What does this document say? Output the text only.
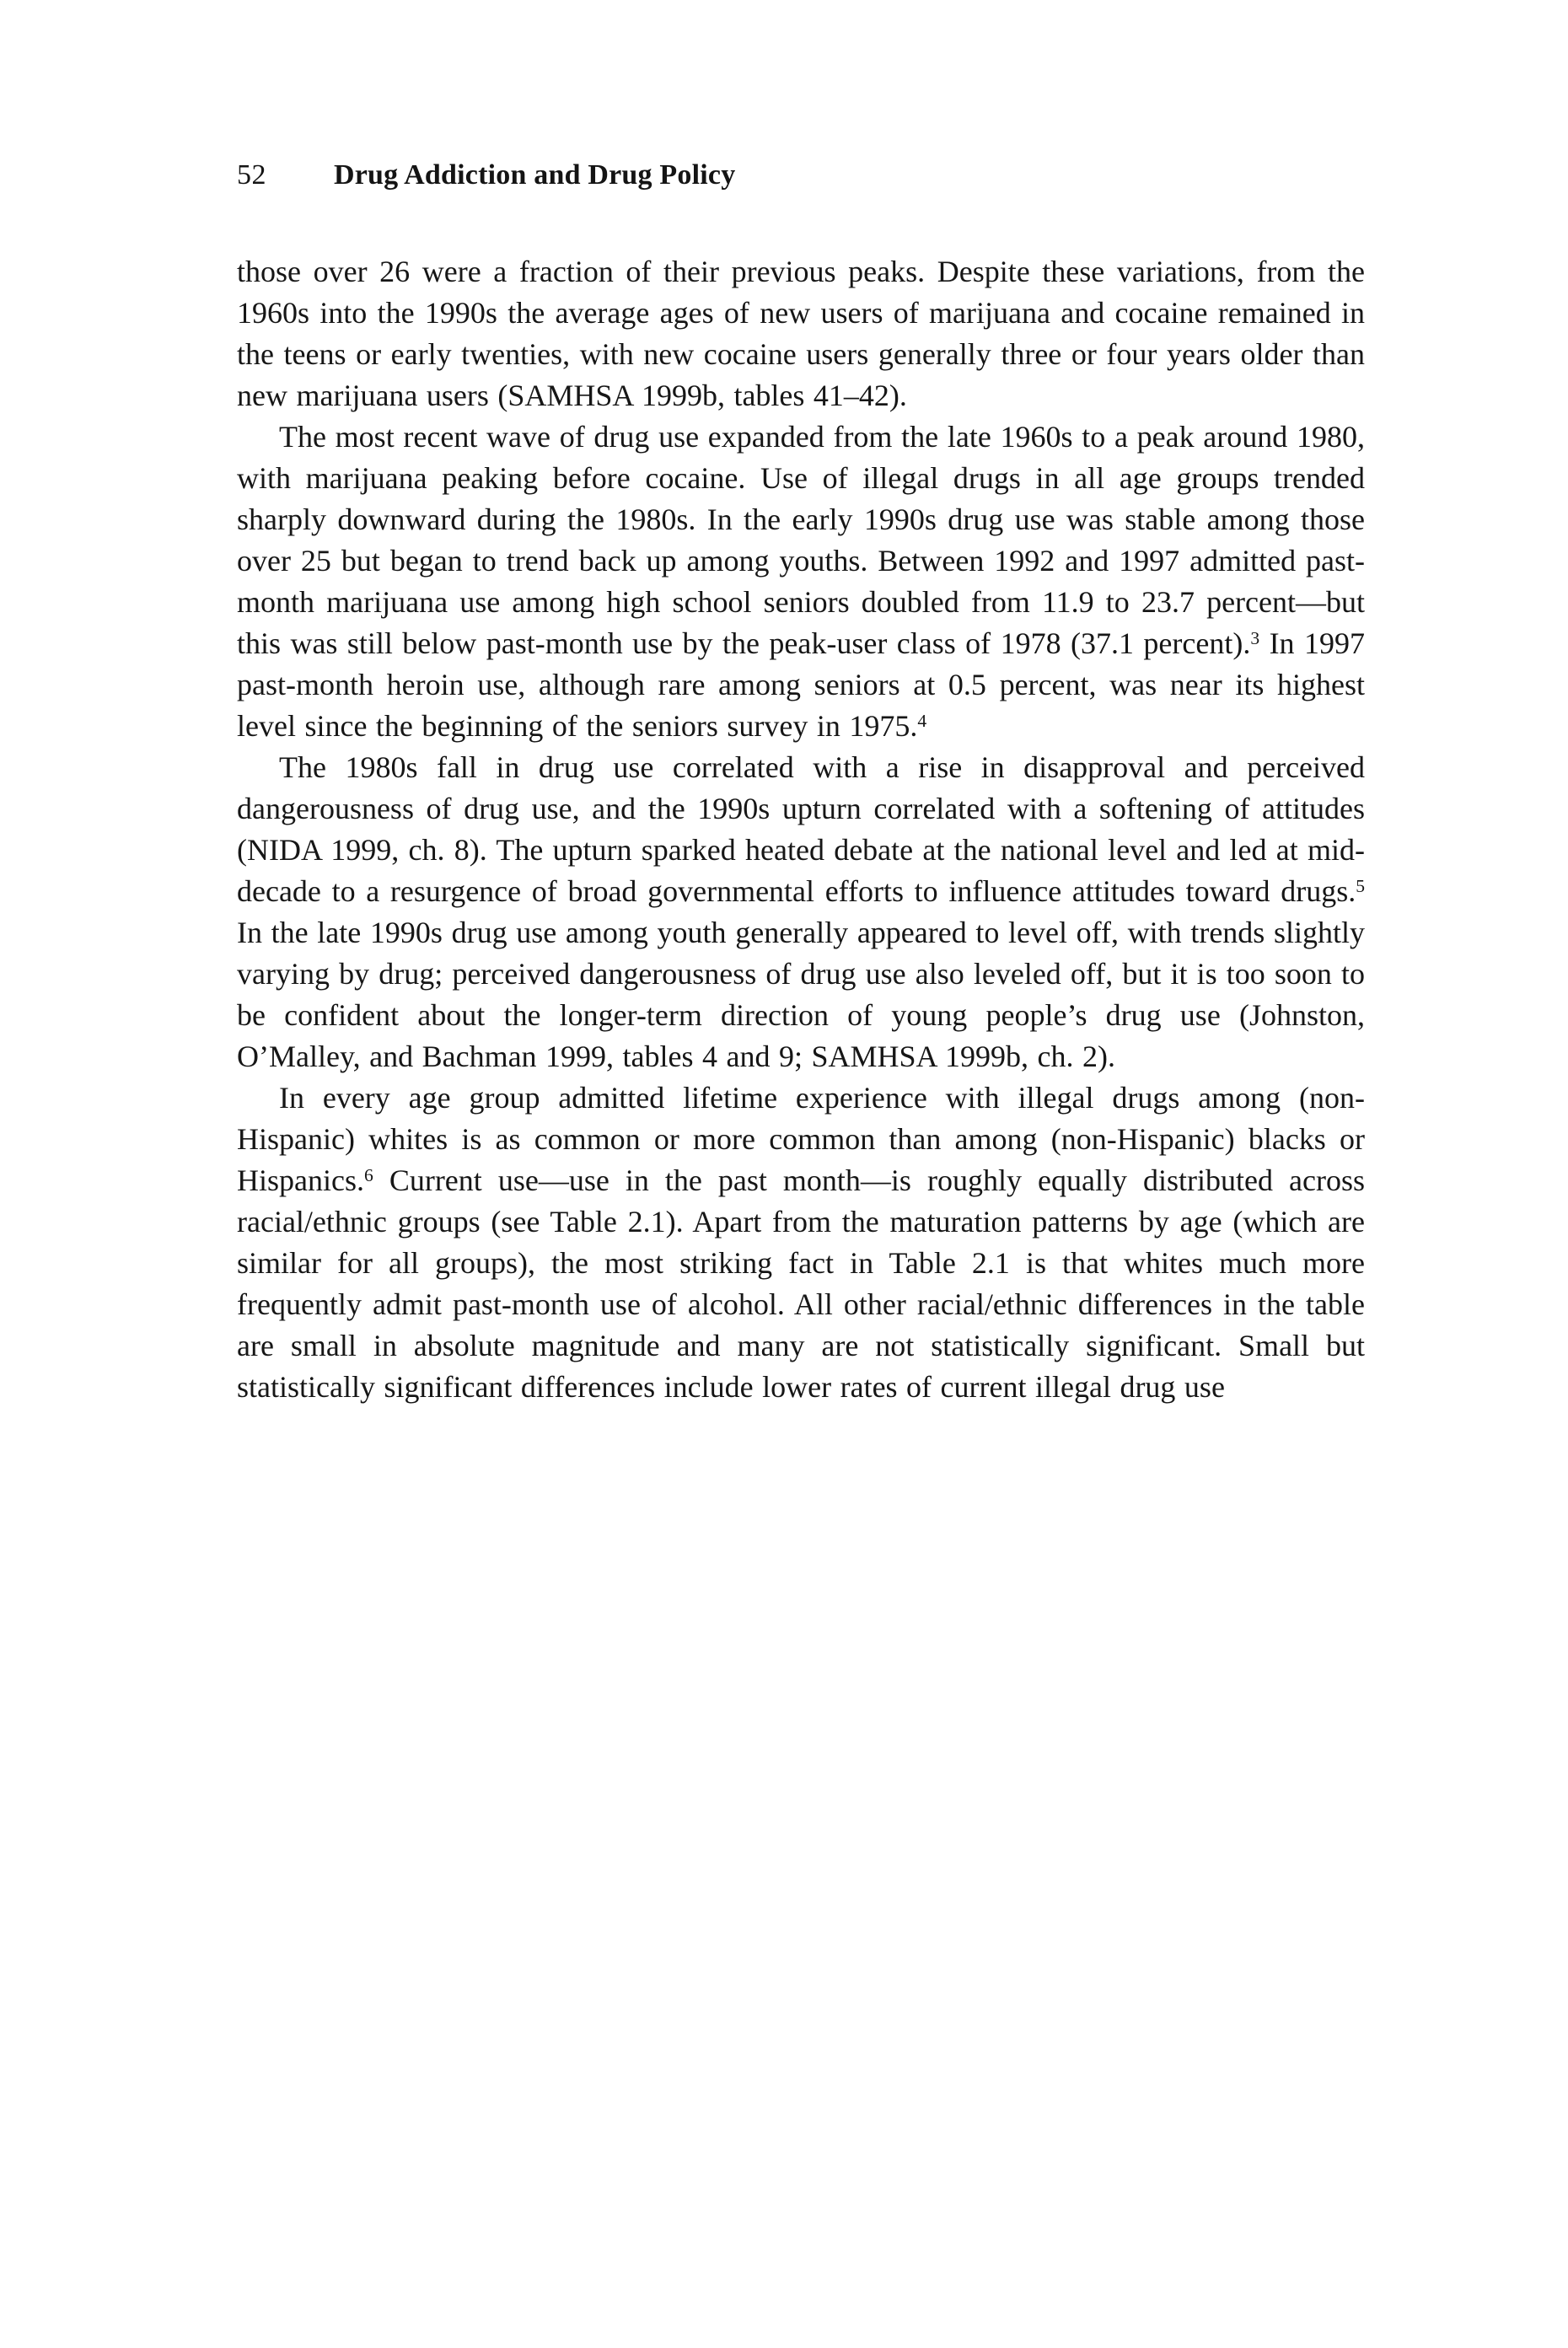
52 Drug Addiction and Drug Policy

those over 26 were a fraction of their previous peaks. Despite these variations, from the 1960s into the 1990s the average ages of new users of marijuana and cocaine remained in the teens or early twenties, with new cocaine users generally three or four years older than new marijuana users (SAMHSA 1999b, tables 41–42).

The most recent wave of drug use expanded from the late 1960s to a peak around 1980, with marijuana peaking before cocaine. Use of illegal drugs in all age groups trended sharply downward during the 1980s. In the early 1990s drug use was stable among those over 25 but began to trend back up among youths. Between 1992 and 1997 admitted past-month marijuana use among high school seniors doubled from 11.9 to 23.7 percent—but this was still below past-month use by the peak-user class of 1978 (37.1 percent).$^3$ In 1997 past-month heroin use, although rare among seniors at 0.5 percent, was near its highest level since the beginning of the seniors survey in 1975.$^4$

The 1980s fall in drug use correlated with a rise in disapproval and perceived dangerousness of drug use, and the 1990s upturn correlated with a softening of attitudes (NIDA 1999, ch. 8). The upturn sparked heated debate at the national level and led at mid-decade to a resurgence of broad governmental efforts to influence attitudes toward drugs.$^5$ In the late 1990s drug use among youth generally appeared to level off, with trends slightly varying by drug; perceived dangerousness of drug use also leveled off, but it is too soon to be confident about the longer-term direction of young people’s drug use (Johnston, O’Malley, and Bachman 1999, tables 4 and 9; SAMHSA 1999b, ch. 2).

In every age group admitted lifetime experience with illegal drugs among (non-Hispanic) whites is as common or more common than among (non-Hispanic) blacks or Hispanics.$^6$ Current use—use in the past month—is roughly equally distributed across racial/ethnic groups (see Table 2.1). Apart from the maturation patterns by age (which are similar for all groups), the most striking fact in Table 2.1 is that whites much more frequently admit past-month use of alcohol. All other racial/ethnic differences in the table are small in absolute magnitude and many are not statistically significant. Small but statistically significant differences include lower rates of current illegal drug use
